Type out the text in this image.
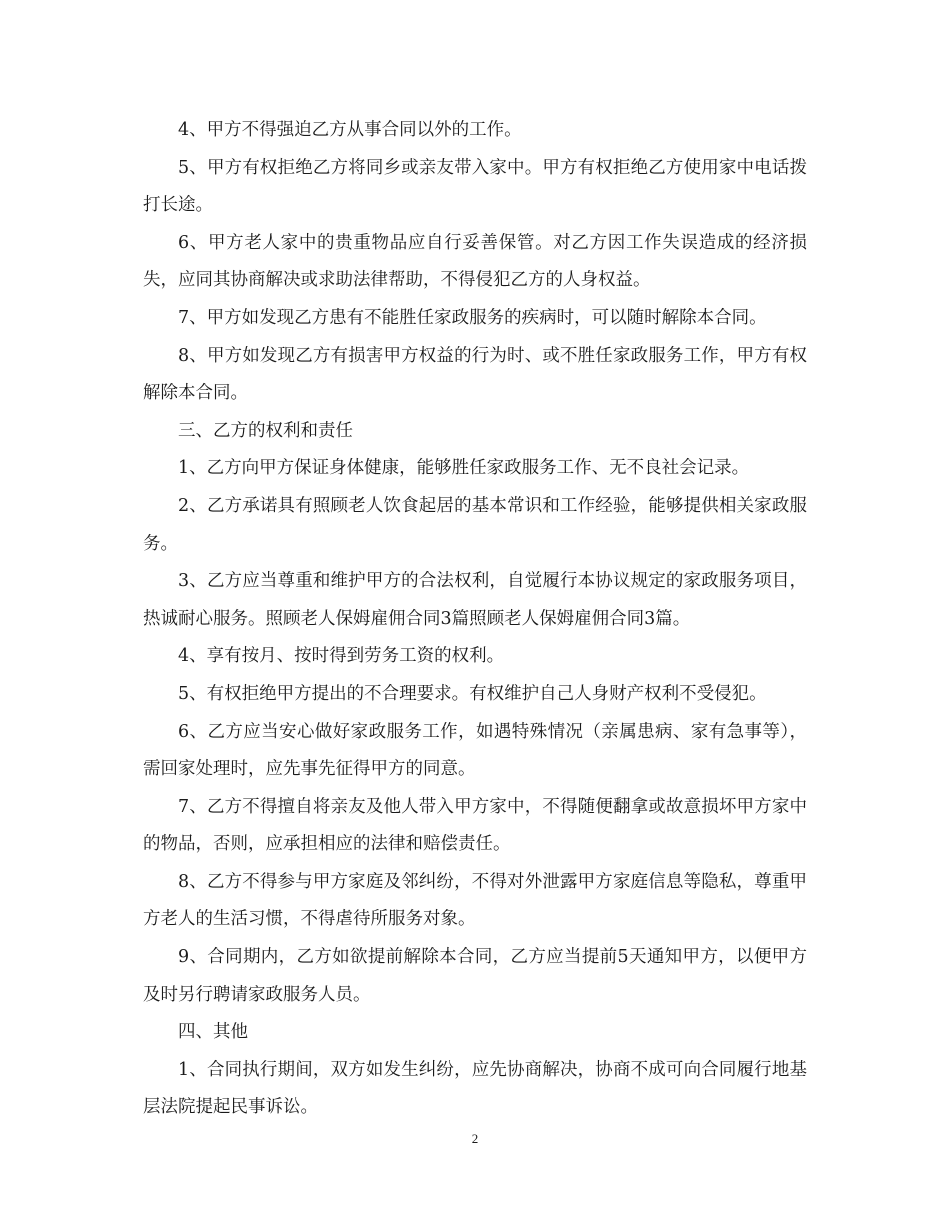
4、甲方不得强迫乙方从事合同以外的工作。

5、甲方有权拒绝乙方将同乡或亲友带入家中。甲方有权拒绝乙方使用家中电话拨打长途。

6、甲方老人家中的贵重物品应自行妥善保管。对乙方因工作失误造成的经济损失，应同其协商解决或求助法律帮助，不得侵犯乙方的人身权益。

7、甲方如发现乙方患有不能胜任家政服务的疾病时，可以随时解除本合同。

8、甲方如发现乙方有损害甲方权益的行为时、或不胜任家政服务工作，甲方有权解除本合同。

三、乙方的权利和责任

1、乙方向甲方保证身体健康，能够胜任家政服务工作、无不良社会记录。

2、乙方承诺具有照顾老人饮食起居的基本常识和工作经验，能够提供相关家政服务。

3、乙方应当尊重和维护甲方的合法权利，自觉履行本协议规定的家政服务项目，热诚耐心服务。照顾老人保姆雇佣合同3篇照顾老人保姆雇佣合同3篇。

4、享有按月、按时得到劳务工资的权利。

5、有权拒绝甲方提出的不合理要求。有权维护自己人身财产权利不受侵犯。

6、乙方应当安心做好家政服务工作，如遇特殊情况（亲属患病、家有急事等），需回家处理时，应先事先征得甲方的同意。

7、乙方不得擅自将亲友及他人带入甲方家中，不得随便翻拿或故意损坏甲方家中的物品，否则，应承担相应的法律和赔偿责任。

8、乙方不得参与甲方家庭及邻纠纷，不得对外泄露甲方家庭信息等隐私，尊重甲方老人的生活习惯，不得虐待所服务对象。

9、合同期内，乙方如欲提前解除本合同，乙方应当提前5天通知甲方，以便甲方及时另行聘请家政服务人员。

四、其他

1、合同执行期间，双方如发生纠纷，应先协商解决，协商不成可向合同履行地基层法院提起民事诉讼。

2
